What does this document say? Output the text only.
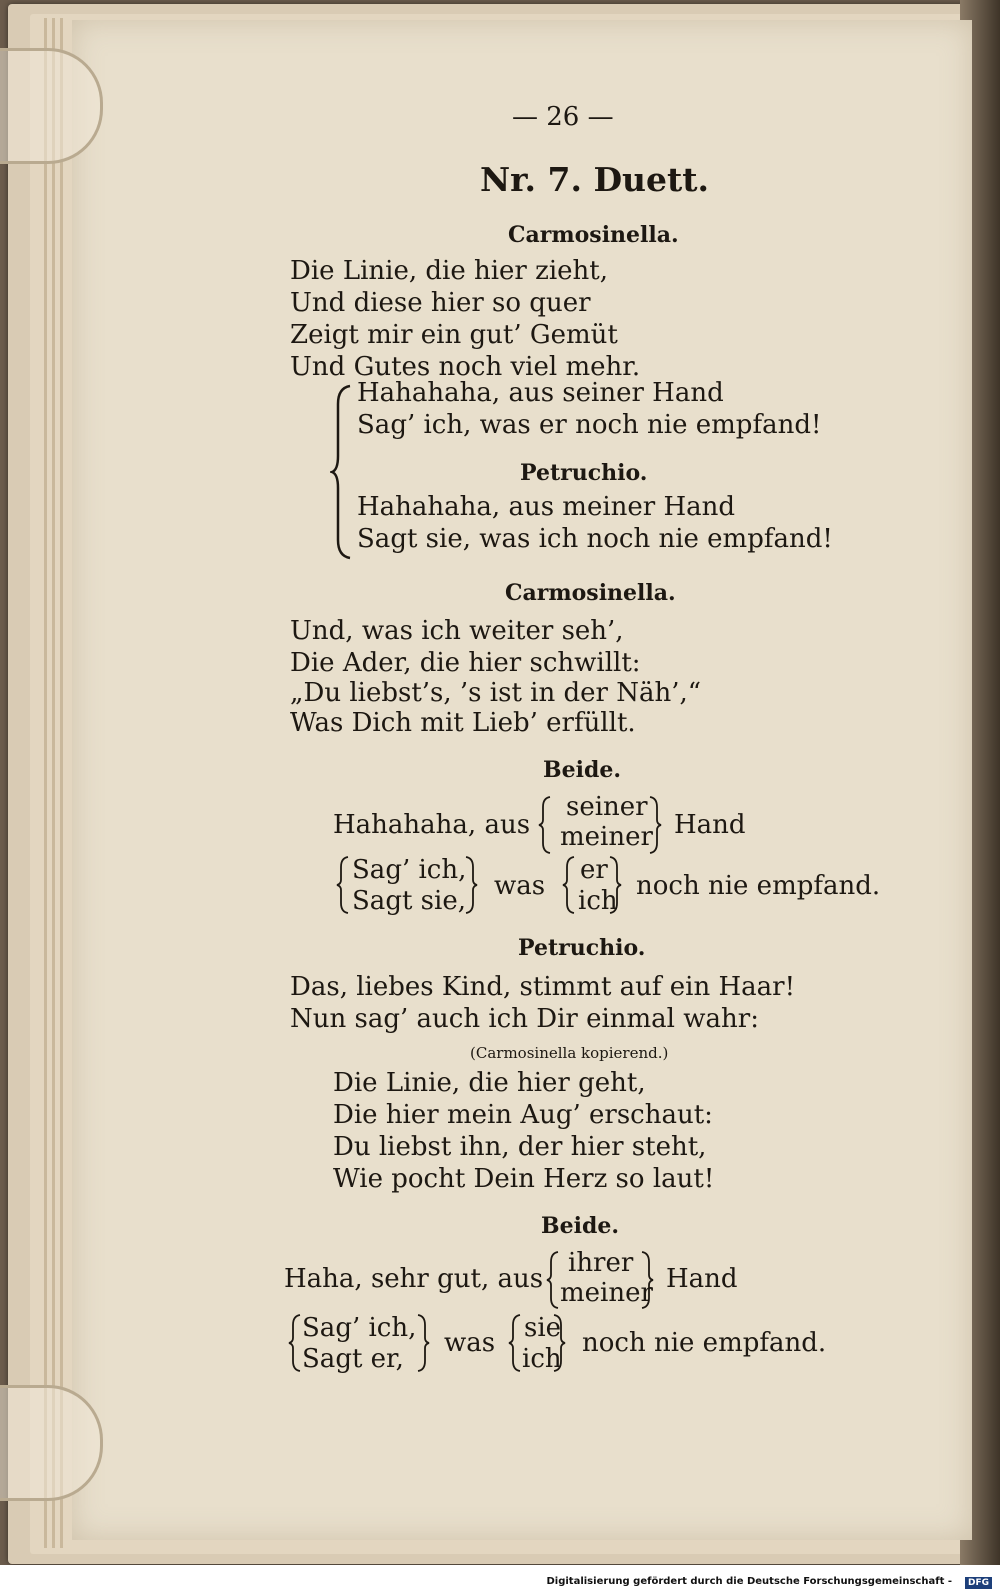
— 26 —
Nr. 7. Duett.
Carmosinella.
Die Linie, die hier zieht,
Und diese hier so quer
Zeigt mir ein gut’ Gemüt
Und Gutes noch viel mehr.
Hahahaha, aus seiner Hand
Sag’ ich, was er noch nie empfand!
Petruchio.
Hahahaha, aus meiner Hand
Sagt sie, was ich noch nie empfand!
Carmosinella.
Und, was ich weiter seh’,
Die Ader, die hier schwillt:
„Du liebst’s, ’s ist in der Näh’,“
Was Dich mit Lieb’ erfüllt.
Beide.
Hahahaha, aus
seiner
meiner Hand
Sag’ ich,
Sagt sie, was
er
ich noch nie empfand.
Petruchio.
Das, liebes Kind, stimmt auf ein Haar!
Nun sag’ auch ich Dir einmal wahr:
(Carmosinella kopierend.)
Die Linie, die hier geht,
Die hier mein Aug’ erschaut:
Du liebst ihn, der hier steht,
Wie pocht Dein Herz so laut!
Beide.
Haha, sehr gut, aus
ihrer
meiner Hand
Sag’ ich,
Sagt er,
was sie
ich
noch nie empfand.
Digitalisierung gefördert durch die Deutsche Forschungsgemeinschaft -	DFG
